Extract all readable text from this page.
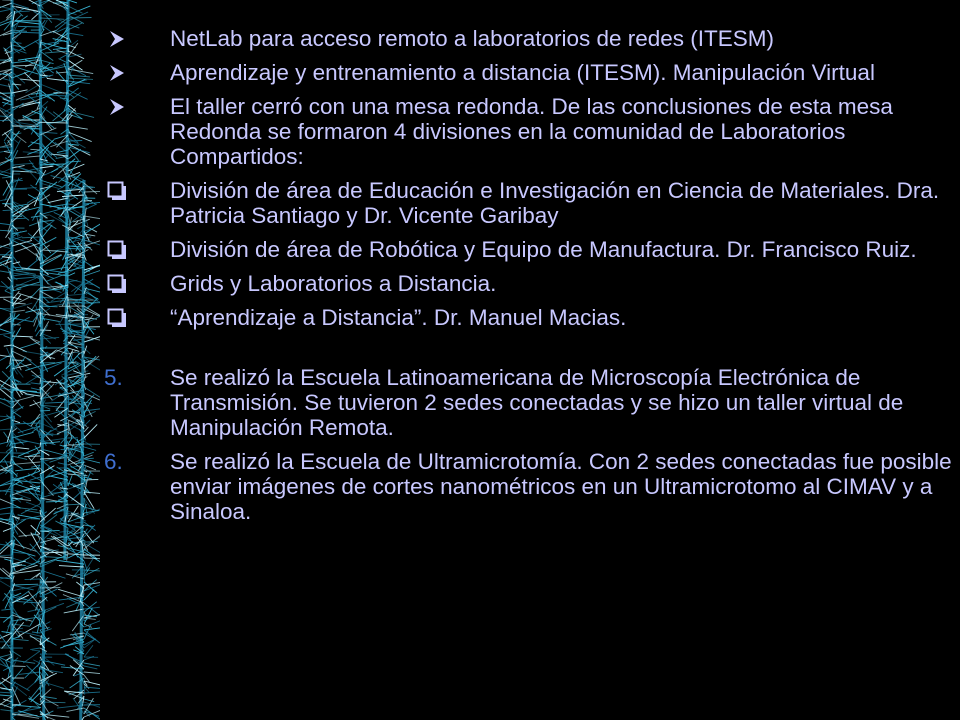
NetLab para acceso remoto a laboratorios de redes (ITESM)
Aprendizaje y entrenamiento a distancia (ITESM). Manipulación Virtual
El taller cerró con una mesa redonda. De las conclusiones de esta mesa Redonda se formaron 4 divisiones en la comunidad de Laboratorios Compartidos:
División de área de Educación e Investigación en Ciencia de Materiales. Dra. Patricia Santiago y Dr. Vicente Garibay
División de área de Robótica y Equipo de Manufactura. Dr. Francisco Ruiz.
Grids y Laboratorios a Distancia.
“Aprendizaje a Distancia”. Dr. Manuel Macias.
5. Se realizó la Escuela Latinoamericana de Microscopía Electrónica de Transmisión. Se tuvieron 2 sedes conectadas y se hizo un taller virtual de Manipulación Remota.
6. Se realizó la Escuela de Ultramicrotomía. Con 2 sedes conectadas fue posible enviar imágenes de cortes nanométricos en un Ultramicrotomo al CIMAV y a Sinaloa.
